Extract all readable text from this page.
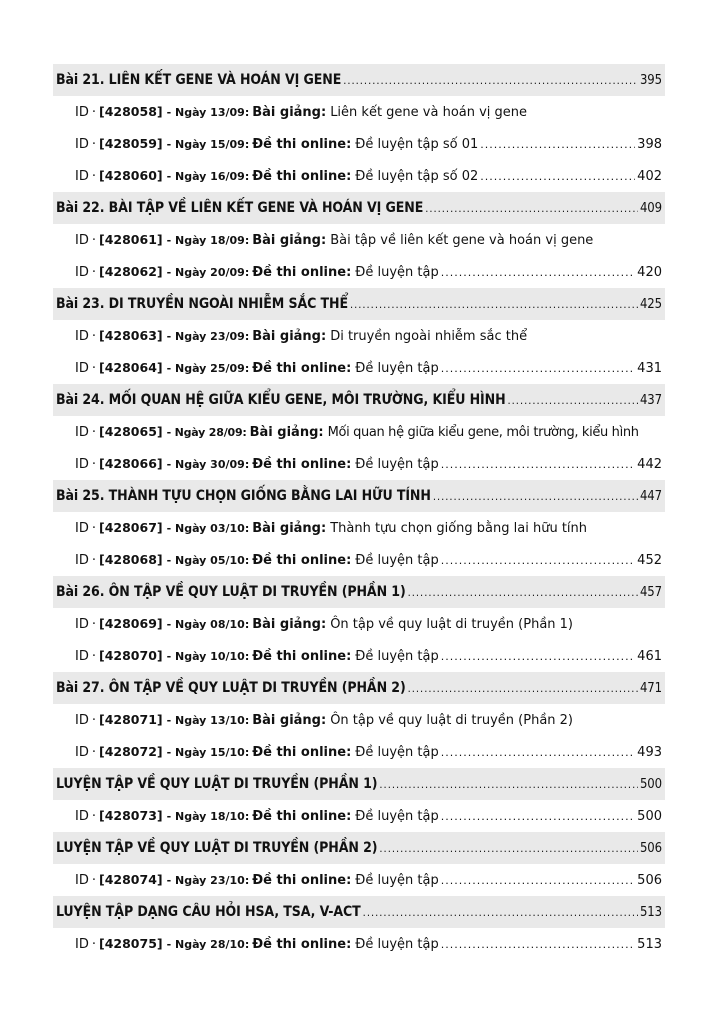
Bài 21. LIÊN KẾT GENE VÀ HOÁN VỊ GENE .....	395
ID · [428058] - Ngày 13/09: Bài giảng: Liên kết gene và hoán vị gene
ID · [428059] - Ngày 15/09: Đề thi online: Đề luyện tập số 01 .....	398
ID · [428060] - Ngày 16/09: Đề thi online: Đề luyện tập số 02 .....	402
Bài 22. BÀI TẬP VỀ LIÊN KẾT GENE VÀ HOÁN VỊ GENE .....	409
ID · [428061] - Ngày 18/09: Bài giảng: Bài tập về liên kết gene và hoán vị gene
ID · [428062] - Ngày 20/09: Đề thi online: Đề luyện tập .....	420
Bài 23. DI TRUYỀN NGOÀI NHIỄM SẮC THỂ .....	425
ID · [428063] - Ngày 23/09: Bài giảng: Di truyền ngoài nhiễm sắc thể
ID · [428064] - Ngày 25/09: Đề thi online: Đề luyện tập .....	431
Bài 24. MỐI QUAN HỆ GIỮA KIỂU GENE, MÔI TRƯỜNG, KIỂU HÌNH .....	437
ID · [428065] - Ngày 28/09: Bài giảng: Mối quan hệ giữa kiểu gene, môi trường, kiểu hình
ID · [428066] - Ngày 30/09: Đề thi online: Đề luyện tập .....	442
Bài 25. THÀNH TỰU CHỌN GIỐNG BẰNG LAI HỮU TÍNH .....	447
ID · [428067] - Ngày 03/10: Bài giảng: Thành tựu chọn giống bằng lai hữu tính
ID · [428068] - Ngày 05/10: Đề thi online: Đề luyện tập .....	452
Bài 26. ÔN TẬP VỀ QUY LUẬT DI TRUYỀN (PHẦN 1) .....	457
ID · [428069] - Ngày 08/10: Bài giảng: Ôn tập về quy luật di truyền (Phần 1)
ID · [428070] - Ngày 10/10: Đề thi online: Đề luyện tập .....	461
Bài 27. ÔN TẬP VỀ QUY LUẬT DI TRUYỀN (PHẦN 2) .....	471
ID · [428071] - Ngày 13/10: Bài giảng: Ôn tập về quy luật di truyền (Phần 2)
ID · [428072] - Ngày 15/10: Đề thi online: Đề luyện tập .....	493
LUYỆN TẬP VỀ QUY LUẬT DI TRUYỀN (PHẦN 1) .....	500
ID · [428073] - Ngày 18/10: Đề thi online: Đề luyện tập .....	500
LUYỆN TẬP VỀ QUY LUẬT DI TRUYỀN (PHẦN 2) .....	506
ID · [428074] - Ngày 23/10: Đề thi online: Đề luyện tập .....	506
LUYỆN TẬP DẠNG CÂU HỎI HSA, TSA, V-ACT .....	513
ID · [428075] - Ngày 28/10: Đề thi online: Đề luyện tập .....	513
